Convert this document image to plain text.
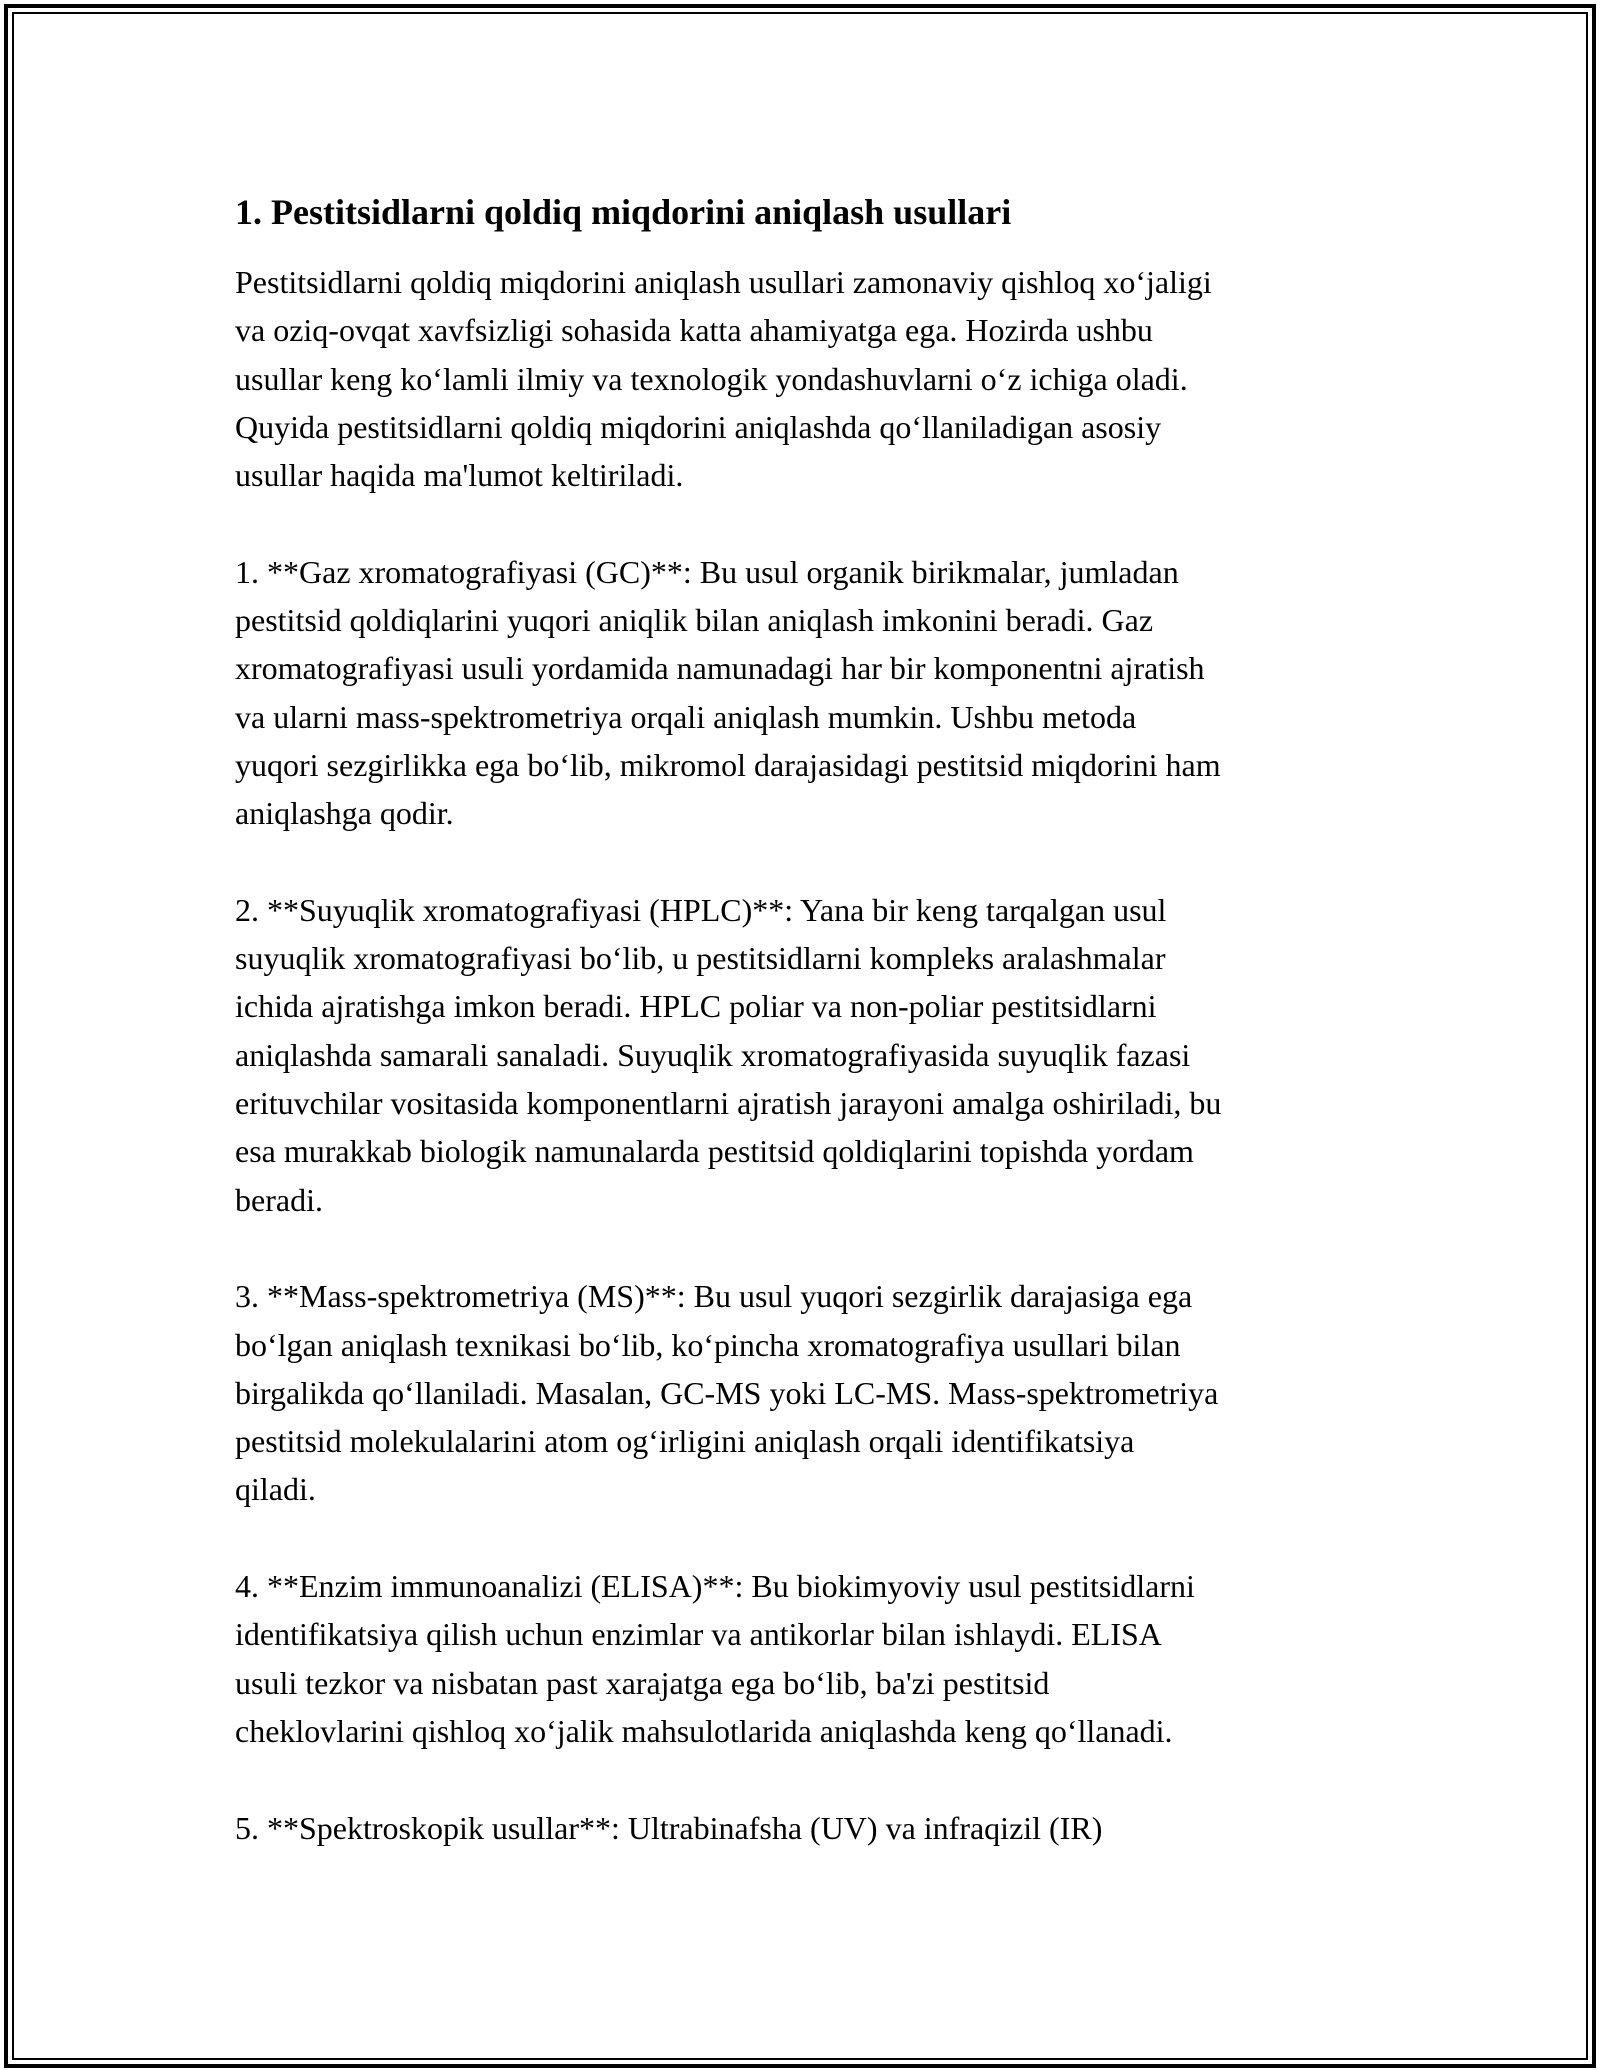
1. Pestitsidlarni qoldiq miqdorini aniqlash usullari
Pestitsidlarni qoldiq miqdorini aniqlash usullari zamonaviy qishloq xo‘jaligi
va oziq-ovqat xavfsizligi sohasida katta ahamiyatga ega. Hozirda ushbu
usullar keng ko‘lamli ilmiy va texnologik yondashuvlarni o‘z ichiga oladi.
Quyida pestitsidlarni qoldiq miqdorini aniqlashda qo‘llaniladigan asosiy
usullar haqida ma'lumot keltiriladi.
1. **Gaz xromatografiyasi (GC)**: Bu usul organik birikmalar, jumladan
pestitsid qoldiqlarini yuqori aniqlik bilan aniqlash imkonini beradi. Gaz
xromatografiyasi usuli yordamida namunadagi har bir komponentni ajratish
va ularni mass-spektrometriya orqali aniqlash mumkin. Ushbu metoda
yuqori sezgirlikka ega bo‘lib, mikromol darajasidagi pestitsid miqdorini ham
aniqlashga qodir.
2. **Suyuqlik xromatografiyasi (HPLC)**: Yana bir keng tarqalgan usul
suyuqlik xromatografiyasi bo‘lib, u pestitsidlarni kompleks aralashmalar
ichida ajratishga imkon beradi. HPLC poliar va non-poliar pestitsidlarni
aniqlashda samarali sanaladi. Suyuqlik xromatografiyasida suyuqlik fazasi
erituvchilar vositasida komponentlarni ajratish jarayoni amalga oshiriladi, bu
esa murakkab biologik namunalarda pestitsid qoldiqlarini topishda yordam
beradi.
3. **Mass-spektrometriya (MS)**: Bu usul yuqori sezgirlik darajasiga ega
bo‘lgan aniqlash texnikasi bo‘lib, ko‘pincha xromatografiya usullari bilan
birgalikda qo‘llaniladi. Masalan, GC-MS yoki LC-MS. Mass-spektrometriya
pestitsid molekulalarini atom og‘irligini aniqlash orqali identifikatsiya
qiladi.
4. **Enzim immunoanalizi (ELISA)**: Bu biokimyoviy usul pestitsidlarni
identifikatsiya qilish uchun enzimlar va antikorlar bilan ishlaydi. ELISA
usuli tezkor va nisbatan past xarajatga ega bo‘lib, ba'zi pestitsid
cheklovlarini qishloq xo‘jalik mahsulotlarida aniqlashda keng qo‘llanadi.
5. **Spektroskopik usullar**: Ultrabinafsha (UV) va infraqizil (IR)
